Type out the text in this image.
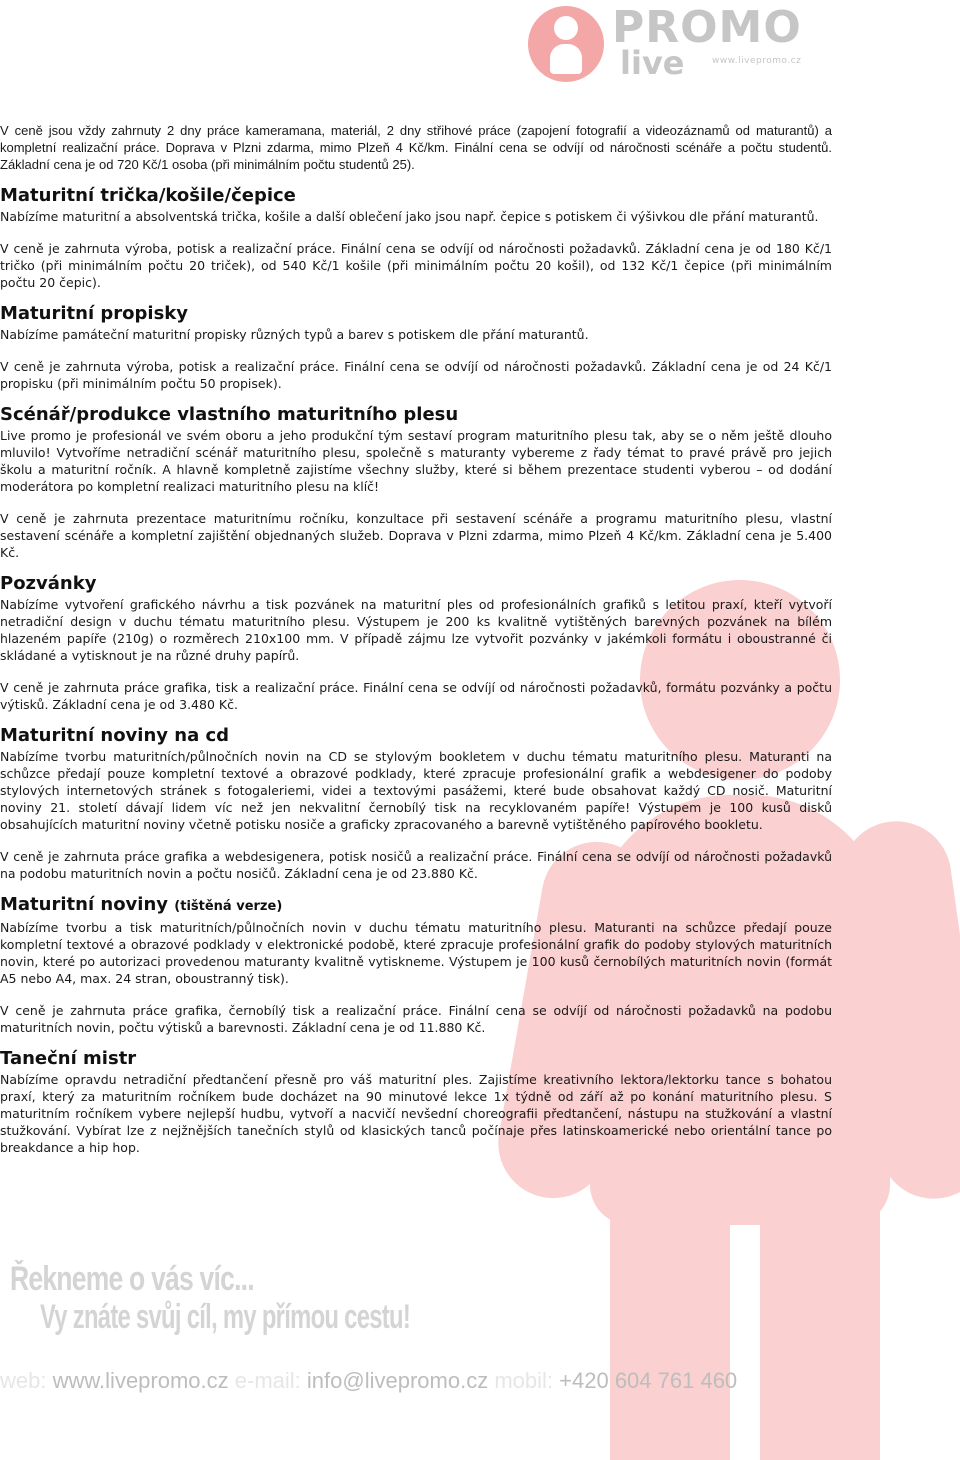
PROMO
live	www.livepromo.cz

V ceně jsou vždy zahrnuty 2 dny práce kameramana, materiál, 2 dny střihové práce (zapojení fotografií a videozáznamů od maturantů) a kompletní realizační práce. Doprava v Plzni zdarma, mimo Plzeň 4 Kč/km. Finální cena se odvíjí od náročnosti scénáře a počtu studentů. Základní cena je od 720 Kč/1 osoba (při minimálním počtu studentů 25).

Maturitní trička/košile/čepice

Nabízíme maturitní a absolventská trička, košile a další oblečení jako jsou např. čepice s potiskem či výšivkou dle přání maturantů.

V ceně je zahrnuta výroba, potisk a realizační práce. Finální cena se odvíjí od náročnosti požadavků. Základní cena je od 180 Kč/1 tričko (při minimálním počtu 20 triček), od 540 Kč/1 košile (při minimálním počtu 20 košil), od 132 Kč/1 čepice (při minimálním počtu 20 čepic).

Maturitní propisky

Nabízíme památeční maturitní propisky různých typů a barev s potiskem dle přání maturantů.

V ceně je zahrnuta výroba, potisk a realizační práce. Finální cena se odvíjí od náročnosti požadavků. Základní cena je od 24 Kč/1 propisku (při minimálním počtu 50 propisek).

Scénář/produkce vlastního maturitního plesu

Live promo je profesionál ve svém oboru a jeho produkční tým sestaví program maturitního plesu tak, aby se o něm ještě dlouho mluvilo! Vytvoříme netradiční scénář maturitního plesu, společně s maturanty vybereme z řady témat to pravé právě pro jejich školu a maturitní ročník. A hlavně kompletně zajistíme všechny služby, které si během prezentace studenti vyberou – od dodání moderátora po kompletní realizaci maturitního plesu na klíč!

V ceně je zahrnuta prezentace maturitnímu ročníku, konzultace při sestavení scénáře a programu maturitního plesu, vlastní sestavení scénáře a kompletní zajištění objednaných služeb. Doprava v Plzni zdarma, mimo Plzeň 4 Kč/km. Základní cena je 5.400 Kč.

Pozvánky

Nabízíme vytvoření grafického návrhu a tisk pozvánek na maturitní ples od profesionálních grafiků s letitou praxí, kteří vytvoří netradiční design v duchu tématu maturitního plesu. Výstupem je 200 ks kvalitně vytištěných barevných pozvánek na bílém hlazeném papíře (210g) o rozměrech 210x100 mm. V případě zájmu lze vytvořit pozvánky v jakémkoli formátu i oboustranné či skládané a vytisknout je na různé druhy papírů.

V ceně je zahrnuta práce grafika, tisk a realizační práce. Finální cena se odvíjí od náročnosti požadavků, formátu pozvánky a počtu výtisků. Základní cena je od 3.480 Kč.

Maturitní noviny na cd

Nabízíme tvorbu maturitních/půlnočních novin na CD se stylovým bookletem v duchu tématu maturitního plesu. Maturanti na schůzce předají pouze kompletní textové a obrazové podklady, které zpracuje profesionální grafik a webdesigener do podoby stylových internetových stránek s fotogaleriemi, videi a textovými pasážemi, které bude obsahovat každý CD nosič. Maturitní noviny 21. století dávají lidem víc než jen nekvalitní černobílý tisk na recyklovaném papíře! Výstupem je 100 kusů disků obsahujících maturitní noviny včetně potisku nosiče a graficky zpracovaného a barevně vytištěného papírového bookletu.

V ceně je zahrnuta práce grafika a webdesigenera, potisk nosičů a realizační práce. Finální cena se odvíjí od náročnosti požadavků na podobu maturitních novin a počtu nosičů. Základní cena je od 23.880 Kč.

Maturitní noviny (tištěná verze)

Nabízíme tvorbu a tisk maturitních/půlnočních novin v duchu tématu maturitního plesu. Maturanti na schůzce předají pouze kompletní textové a obrazové podklady v elektronické podobě, které zpracuje profesionální grafik do podoby stylových maturitních novin, které po autorizaci provedenou maturanty kvalitně vytiskneme. Výstupem je 100 kusů černobílých maturitních novin (formát A5 nebo A4, max. 24 stran, oboustranný tisk).

V ceně je zahrnuta práce grafika, černobílý tisk a realizační práce. Finální cena se odvíjí od náročnosti požadavků na podobu maturitních novin, počtu výtisků a barevnosti. Základní cena je od 11.880 Kč.

Taneční mistr

Nabízíme opravdu netradiční předtančení přesně pro váš maturitní ples. Zajistíme kreativního lektora/lektorku tance s bohatou praxí, který za maturitním ročníkem bude docházet na 90 minutové lekce 1x týdně od září až po konání maturitního plesu. S maturitním ročníkem vybere nejlepší hudbu, vytvoří a nacvičí nevšední choreografii předtančení, nástupu na stužkování a vlastní stužkování. Vybírat lze z nejžnějších tanečních stylů od klasických tanců počínaje přes latinskoamerické nebo orientální tance po breakdance a hip hop.

Řekneme o vás víc...
Vy znáte svůj cíl, my přímou cestu!
web: www.livepromo.cz e-mail: info@livepromo.cz mobil: +420 604 761 460
